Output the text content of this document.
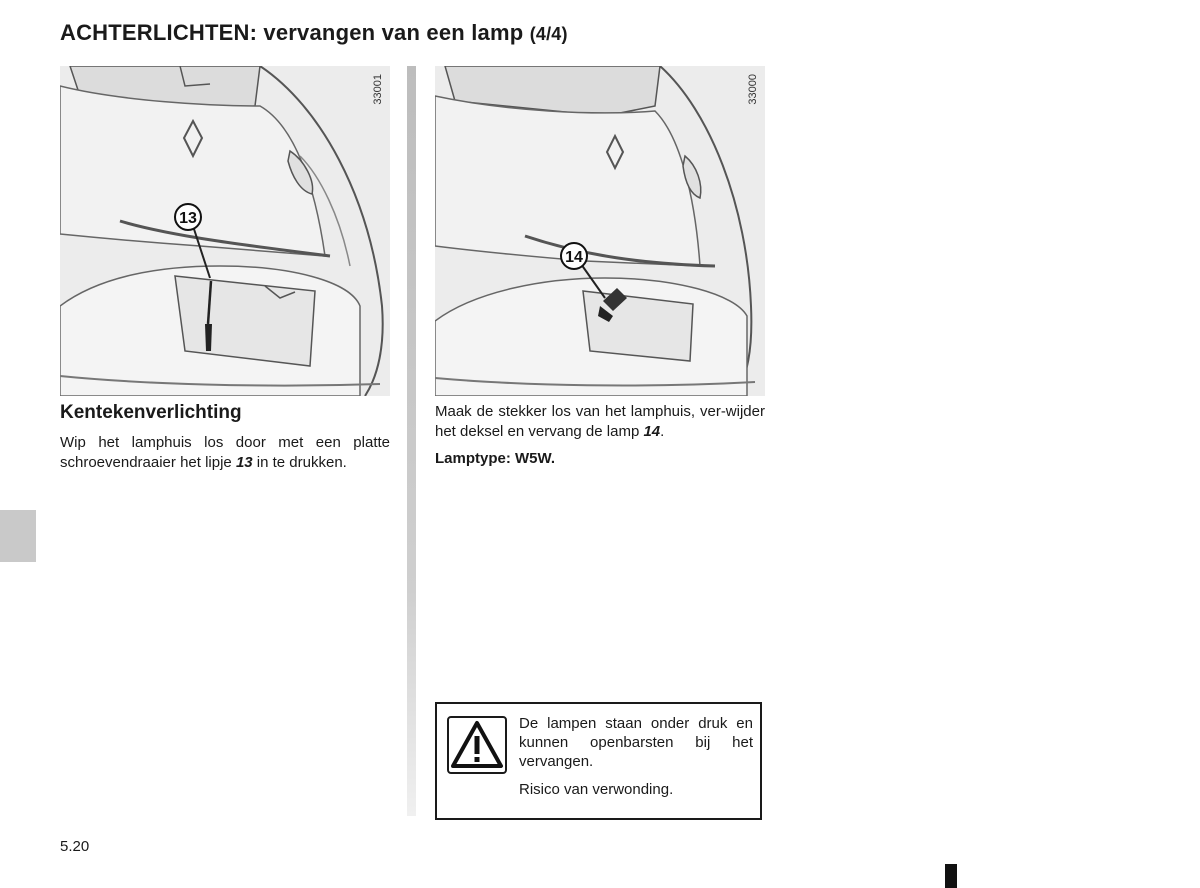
ACHTERLICHTEN: vervangen van een lamp (4/4)
13
33001
14
33000
Kentekenverlichting
Wip het lamphuis los door met een platte schroevendraaier het lipje 13 in te drukken.
Maak de stekker los van het lamphuis, ver-wijder het deksel en vervang de lamp 14.
Lamptype: W5W.

De lampen staan onder druk en kunnen openbarsten bij het vervangen.

Risico van verwonding.

5.20
